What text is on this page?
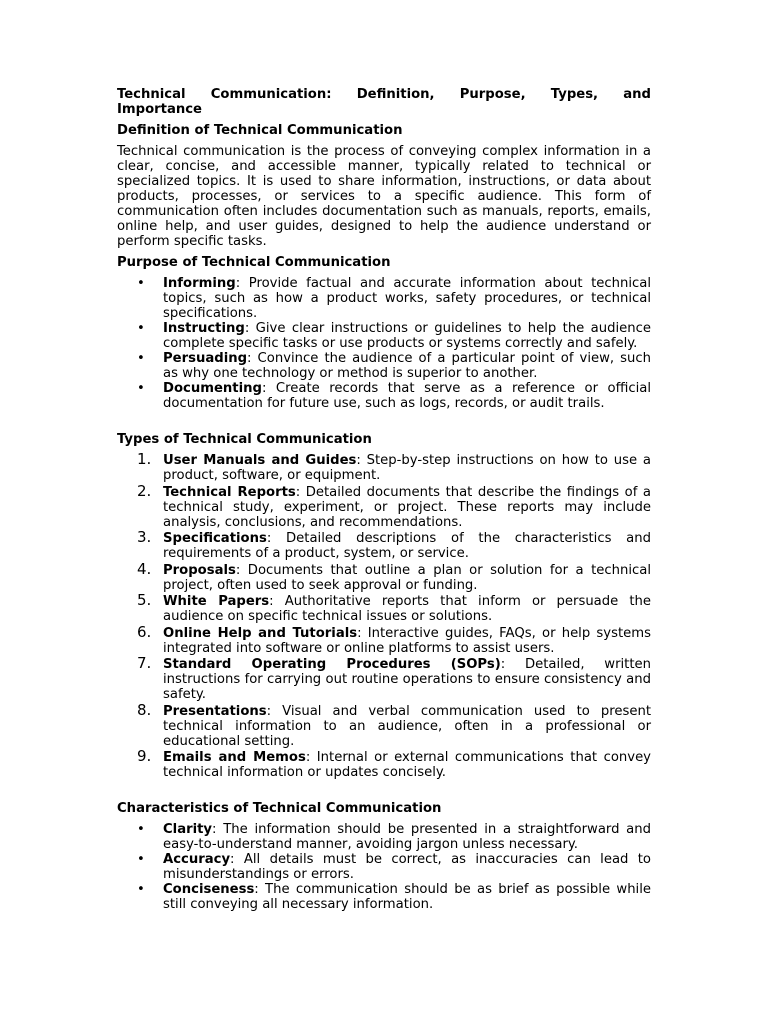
Technical Communication: Definition, Purpose, Types, and
Importance
Definition of Technical Communication

Technical communication is the process of conveying complex information in a clear, concise, and accessible manner, typically related to technical or specialized topics. It is used to share information, instructions, or data about products, processes, or services to a specific audience. This form of communication often includes documentation such as manuals, reports, emails, online help, and user guides, designed to help the audience understand or perform specific tasks.

Purpose of Technical Communication
• Informing: Provide factual and accurate information about technical topics, such as how a product works, safety procedures, or technical specifications.
• Instructing: Give clear instructions or guidelines to help the audience complete specific tasks or use products or systems correctly and safely.
• Persuading: Convince the audience of a particular point of view, such as why one technology or method is superior to another.
• Documenting: Create records that serve as a reference or official documentation for future use, such as logs, records, or audit trails.
Types of Technical Communication
1. User Manuals and Guides: Step-by-step instructions on how to use a product, software, or equipment.
2. Technical Reports: Detailed documents that describe the findings of a technical study, experiment, or project. These reports may include analysis, conclusions, and recommendations.
3. Specifications: Detailed descriptions of the characteristics and requirements of a product, system, or service.
4. Proposals: Documents that outline a plan or solution for a technical project, often used to seek approval or funding.
5. White Papers: Authoritative reports that inform or persuade the audience on specific technical issues or solutions.
6. Online Help and Tutorials: Interactive guides, FAQs, or help systems integrated into software or online platforms to assist users.
7. Standard Operating Procedures (SOPs): Detailed, written instructions for carrying out routine operations to ensure consistency and safety.
8. Presentations: Visual and verbal communication used to present technical information to an audience, often in a professional or educational setting.
9. Emails and Memos: Internal or external communications that convey technical information or updates concisely.
Characteristics of Technical Communication
• Clarity: The information should be presented in a straightforward and easy-to-understand manner, avoiding jargon unless necessary.
• Accuracy: All details must be correct, as inaccuracies can lead to misunderstandings or errors.
• Conciseness: The communication should be as brief as possible while still conveying all necessary information.
